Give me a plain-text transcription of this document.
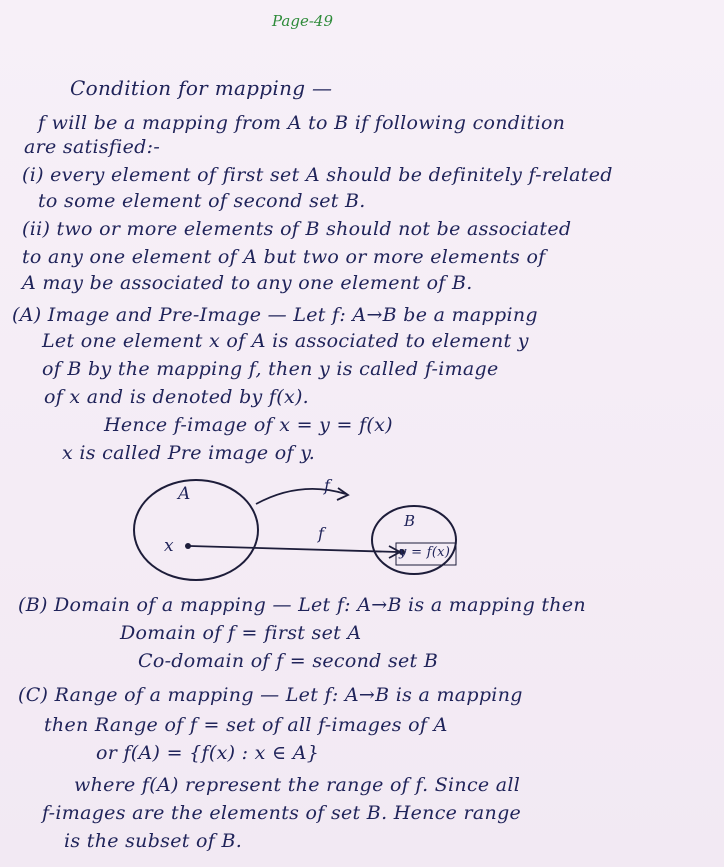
Page-49
Condition for mapping —
f will be a mapping from A to B if following condition
are satisfied:-
(i) every element of first set A should be definitely f-related
to some element of second set B.
(ii) two or more elements of B should not be associated
to any one element of A but two or more elements of
A may be associated to any one element of B.
(A) Image and Pre-Image — Let f: A→B be a mapping
Let one element x of A is associated to element y
of B by the mapping f, then y is called f-image
of x and is denoted by f(x).
Hence f-image of x = y = f(x)
x is called Pre image of y.
A
B
x	y = f(x)
f
f
(B) Domain of a mapping — Let f: A→B is a mapping then
Domain of f = first set A
Co-domain of f = second set B
(C) Range of a mapping — Let f: A→B is a mapping
then Range of f = set of all f-images of A
or f(A) = {f(x) : x ∈ A}
where f(A) represent the range of f. Since all
f-images are the elements of set B. Hence range
is the subset of B.
